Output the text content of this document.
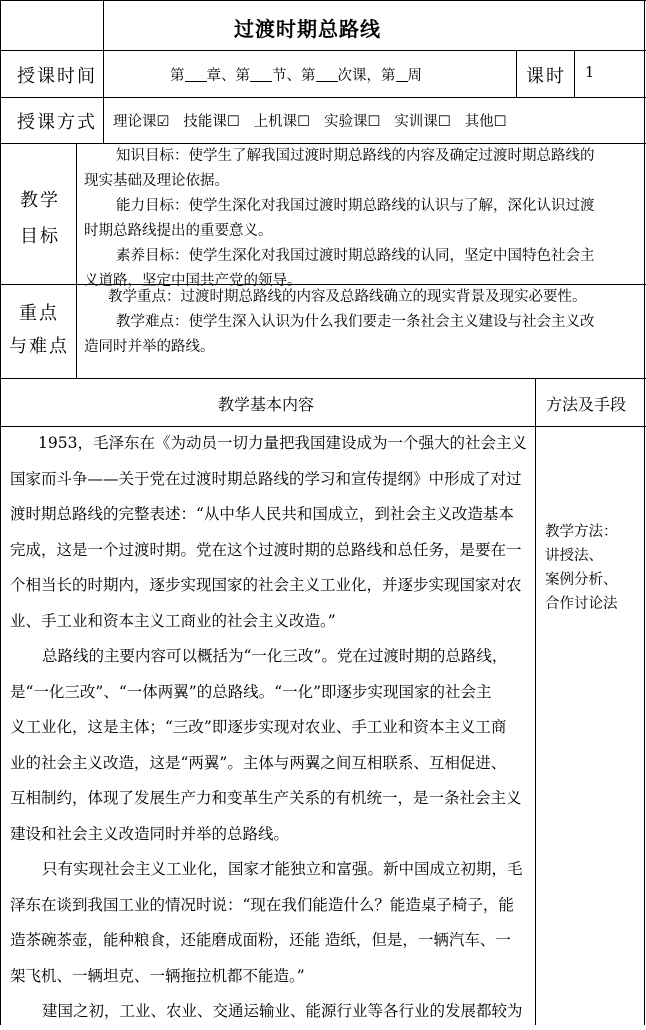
过渡时期总路线
授课时间	第 章、第 节、第 次课，第 周	课时 1
授课方式 理论课☑ 技能课☐ 上机课☐ 实验课☐ 实训课☐ 其他☐
教学
目标
知识目标：使学生了解我国过渡时期总路线的内容及确定过渡时期总路线的
现实基础及理论依据。
能力目标：使学生深化对我国过渡时期总路线的认识与了解，深化认识过渡
时期总路线提出的重要意义。
素养目标：使学生深化对我国过渡时期总路线的认同，坚定中国特色社会主
义道路，坚定中国共产党的领导。
重点
与难点
教学重点：过渡时期总路线的内容及总路线确立的现实背景及现实必要性。
教学难点：使学生深入认识为什么我们要走一条社会主义建设与社会主义改
造同时并举的路线。
教学基本内容	方法及手段
1953，毛泽东在《为动员一切力量把我国建设成为一个强大的社会主义
国家而斗争——关于党在过渡时期总路线的学习和宣传提纲》中形成了对过
渡时期总路线的完整表述：“从中华人民共和国成立，到社会主义改造基本
完成，这是一个过渡时期。党在这个过渡时期的总路线和总任务，是要在一
个相当长的时期内，逐步实现国家的社会主义工业化，并逐步实现国家对农
业、手工业和资本主义工商业的社会主义改造。”
总路线的主要内容可以概括为“一化三改”。党在过渡时期的总路线，
是“一化三改”、“一体两翼”的总路线。“一化”即逐步实现国家的社会主
义工业化，这是主体；“三改”即逐步实现对农业、手工业和资本主义工商
业的社会主义改造，这是“两翼”。主体与两翼之间互相联系、互相促进、
互相制约，体现了发展生产力和变革生产关系的有机统一，是一条社会主义
建设和社会主义改造同时并举的总路线。
只有实现社会主义工业化，国家才能独立和富强。新中国成立初期，毛
泽东在谈到我国工业的情况时说：“现在我们能造什么？能造桌子椅子，能
造茶碗茶壶，能种粮食，还能磨成面粉，还能 造纸，但是，一辆汽车、一
架飞机、一辆坦克、一辆拖拉机都不能造。”
建国之初，工业、农业、交通运输业、能源行业等各行业的发展都较为
教学方法：
讲授法、
案例分析、
合作讨论法
